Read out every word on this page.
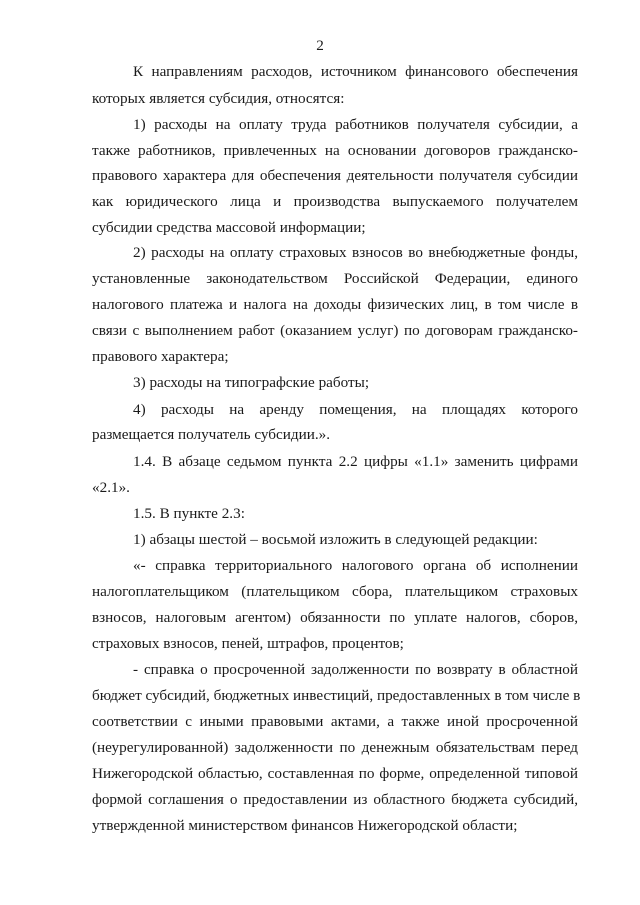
2
К направлениям расходов, источником финансового обеспечения
которых является субсидия, относятся:
1) расходы на оплату труда работников получателя субсидии, а
также работников, привлеченных на основании договоров гражданско-
правового характера для обеспечения деятельности получателя субсидии
как юридического лица и производства выпускаемого получателем
субсидии средства массовой информации;
2) расходы на оплату страховых взносов во внебюджетные фонды,
установленные законодательством Российской Федерации, единого
налогового платежа и налога на доходы физических лиц, в том числе в
связи с выполнением работ (оказанием услуг) по договорам гражданско-
правового характера;
3) расходы на типографские работы;
4) расходы на аренду помещения, на площадях которого
размещается получатель субсидии.».
1.4. В абзаце седьмом пункта 2.2 цифры «1.1» заменить цифрами
«2.1».
1.5. В пункте 2.3:
1) абзацы шестой – восьмой изложить в следующей редакции:
«- справка территориального налогового органа об исполнении
налогоплательщиком (плательщиком сбора, плательщиком страховых
взносов, налоговым агентом) обязанности по уплате налогов, сборов,
страховых взносов, пеней, штрафов, процентов;
- справка о просроченной задолженности по возврату в областной
бюджет субсидий, бюджетных инвестиций, предоставленных в том числе в
соответствии с иными правовыми актами, а также иной просроченной
(неурегулированной) задолженности по денежным обязательствам перед
Нижегородской областью, составленная по форме, определенной типовой
формой соглашения о предоставлении из областного бюджета субсидий,
утвержденной министерством финансов Нижегородской области;
